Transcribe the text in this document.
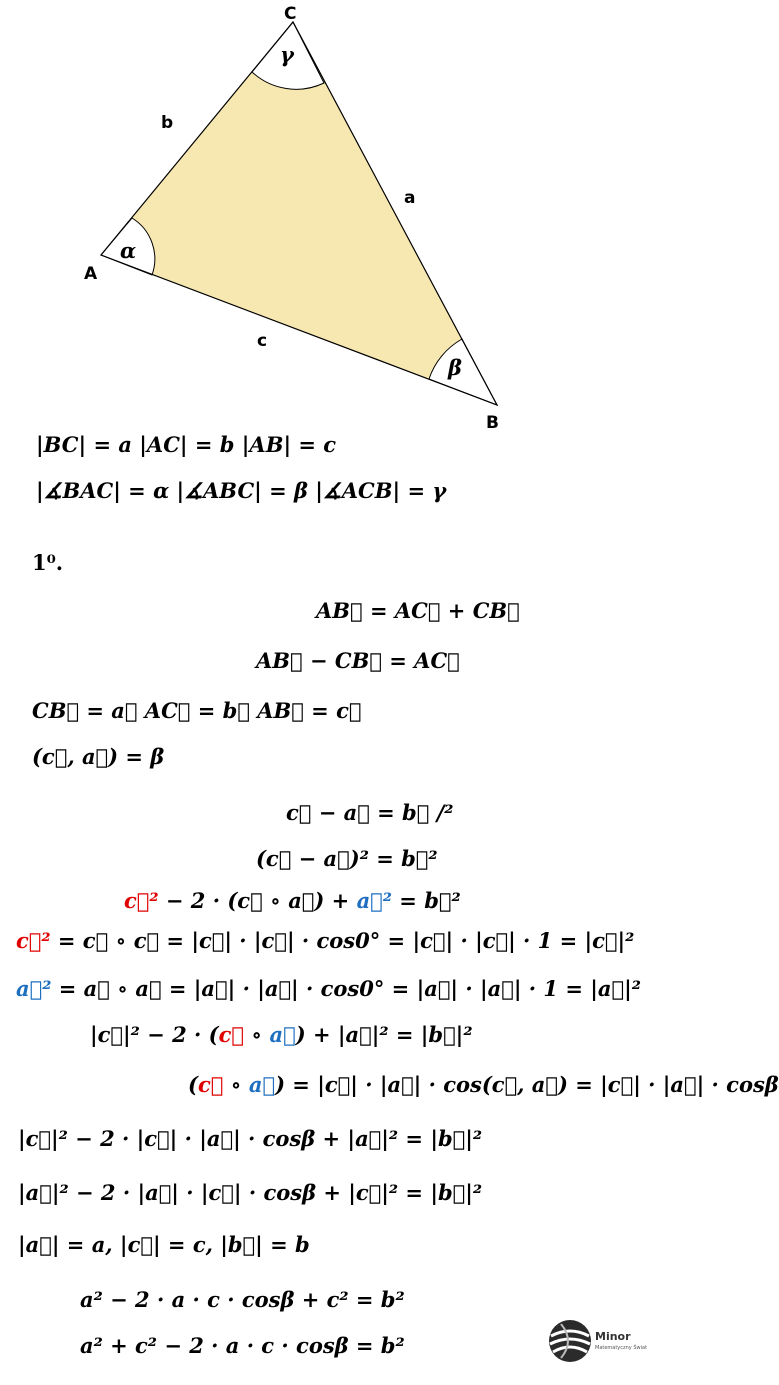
A
B
C
b
a
c
α
β
γ
|BC| = a |AC| = b |AB| = c
|∡BAC| = α |∡ABC| = β |∡ACB| = γ
1⁰.
AB⃗ = AC⃗ + CB⃗
AB⃗ − CB⃗ = AC⃗
CB⃗ = a⃗ AC⃗ = b⃗ AB⃗ = c⃗
(c⃗, a⃗) = β
c⃗ − a⃗ = b⃗ /²
(c⃗ − a⃗)² = b⃗²
c⃗² − 2 · (c⃗ ∘ a⃗) + a⃗² = b⃗²
c⃗² = c⃗ ∘ c⃗ = |c⃗| · |c⃗| · cos0° = |c⃗| · |c⃗| · 1 = |c⃗|²
a⃗² = a⃗ ∘ a⃗ = |a⃗| · |a⃗| · cos0° = |a⃗| · |a⃗| · 1 = |a⃗|²
|c⃗|² − 2 · (c⃗ ∘ a⃗) + |a⃗|² = |b⃗|²
(c⃗ ∘ a⃗) = |c⃗| · |a⃗| · cos(c⃗, a⃗) = |c⃗| · |a⃗| · cosβ
|c⃗|² − 2 · |c⃗| · |a⃗| · cosβ + |a⃗|² = |b⃗|²
|a⃗|² − 2 · |a⃗| · |c⃗| · cosβ + |c⃗|² = |b⃗|²
|a⃗| = a, |c⃗| = c, |b⃗| = b
a² − 2 · a · c · cosβ + c² = b²
a² + c² − 2 · a · c · cosβ = b²	Minor
Matematyczny Świat
